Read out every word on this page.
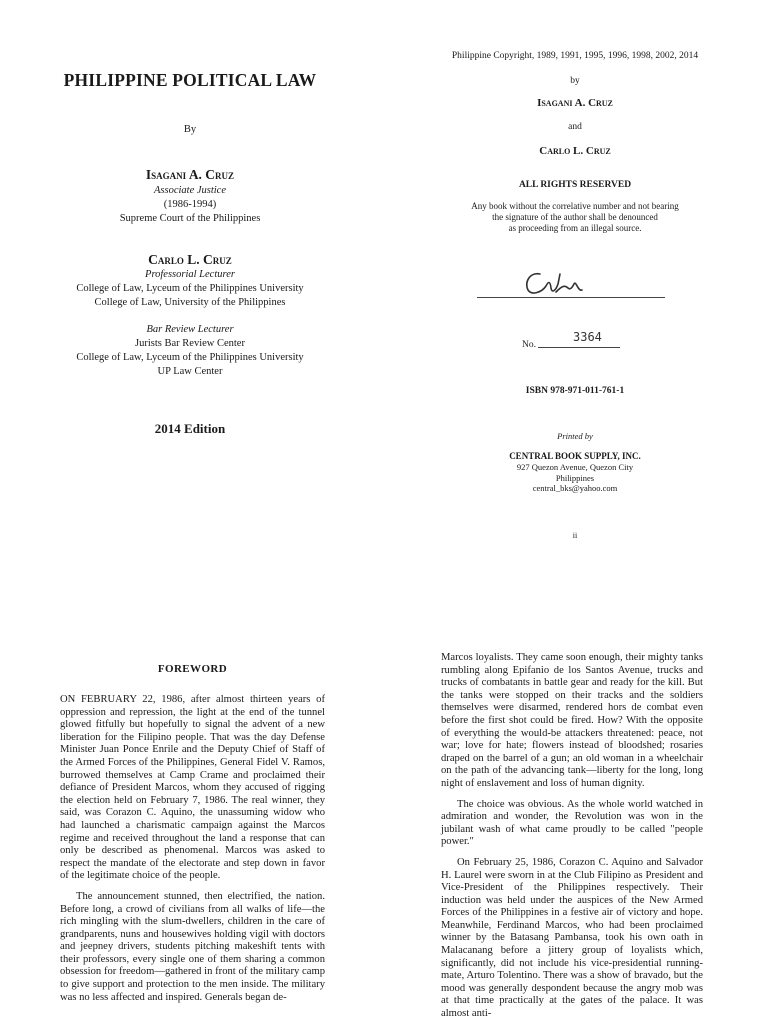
PHILIPPINE POLITICAL LAW
By
Isagani A. Cruz
Associate Justice
(1986-1994)
Supreme Court of the Philippines
Carlo L. Cruz
Professorial Lecturer
College of Law, Lyceum of the Philippines University
College of Law, University of the Philippines
Bar Review Lecturer
Jurists Bar Review Center
College of Law, Lyceum of the Philippines University
UP Law Center
2014 Edition
Philippine Copyright, 1989, 1991, 1995, 1996, 1998, 2002, 2014
by
Isagani A. Cruz
and
Carlo L. Cruz
ALL RIGHTS RESERVED
Any book without the correlative number and not bearing
the signature of the author shall be denounced
as proceeding from an illegal source.
No.
3364
ISBN 978-971-011-761-1
Printed by
CENTRAL BOOK SUPPLY, INC.
927 Quezon Avenue, Quezon City
Philippines
central_bks@yahoo.com
ii
FOREWORD

ON FEBRUARY 22, 1986, after almost thirteen years of oppression and repression, the light at the end of the tunnel glowed fitfully but hopefully to signal the advent of a new liberation for the Filipino people. That was the day Defense Minister Juan Ponce Enrile and the Deputy Chief of Staff of the Armed Forces of the Philippines, General Fidel V. Ramos, burrowed themselves at Camp Crame and proclaimed their defiance of President Marcos, whom they accused of rigging the election held on February 7, 1986. The real winner, they said, was Corazon C. Aquino, the unassuming widow who had launched a charismatic campaign against the Marcos regime and received throughout the land a response that can only be described as phenomenal. Marcos was asked to respect the mandate of the electorate and step down in favor of the legitimate choice of the people.

The announcement stunned, then electrified, the nation. Before long, a crowd of civilians from all walks of life—the rich mingling with the slum-dwellers, children in the care of grandparents, nuns and housewives holding vigil with doctors and jeepney drivers, students pitching makeshift tents with their professors, every single one of them sharing a common obsession for freedom—gathered in front of the military camp to give support and protection to the men inside. The military was no less affected and inspired. Generals began de-

Marcos loyalists. They came soon enough, their mighty tanks rumbling along Epifanio de los Santos Avenue, trucks and trucks of combatants in battle gear and ready for the kill. But the tanks were stopped on their tracks and the soldiers themselves were disarmed, rendered hors de combat even before the first shot could be fired. How? With the opposite of everything the would-be attackers threatened: peace, not war; love for hate; flowers instead of bloodshed; rosaries draped on the barrel of a gun; an old woman in a wheelchair on the path of the advancing tank—liberty for the long, long night of enslavement and loss of human dignity.

The choice was obvious. As the whole world watched in admiration and wonder, the Revolution was won in the jubilant wash of what came proudly to be called "people power."

On February 25, 1986, Corazon C. Aquino and Salvador H. Laurel were sworn in at the Club Filipino as President and Vice-President of the Philippines respectively. Their induction was held under the auspices of the New Armed Forces of the Philippines in a festive air of victory and hope. Meanwhile, Ferdinand Marcos, who had been proclaimed winner by the Batasang Pambansa, took his own oath in Malacanang before a jittery group of loyalists which, significantly, did not include his vice-presidential running-mate, Arturo Tolentino. There was a show of bravado, but the mood was generally despondent because the angry mob was at that time practically at the gates of the palace. It was almost anti-
